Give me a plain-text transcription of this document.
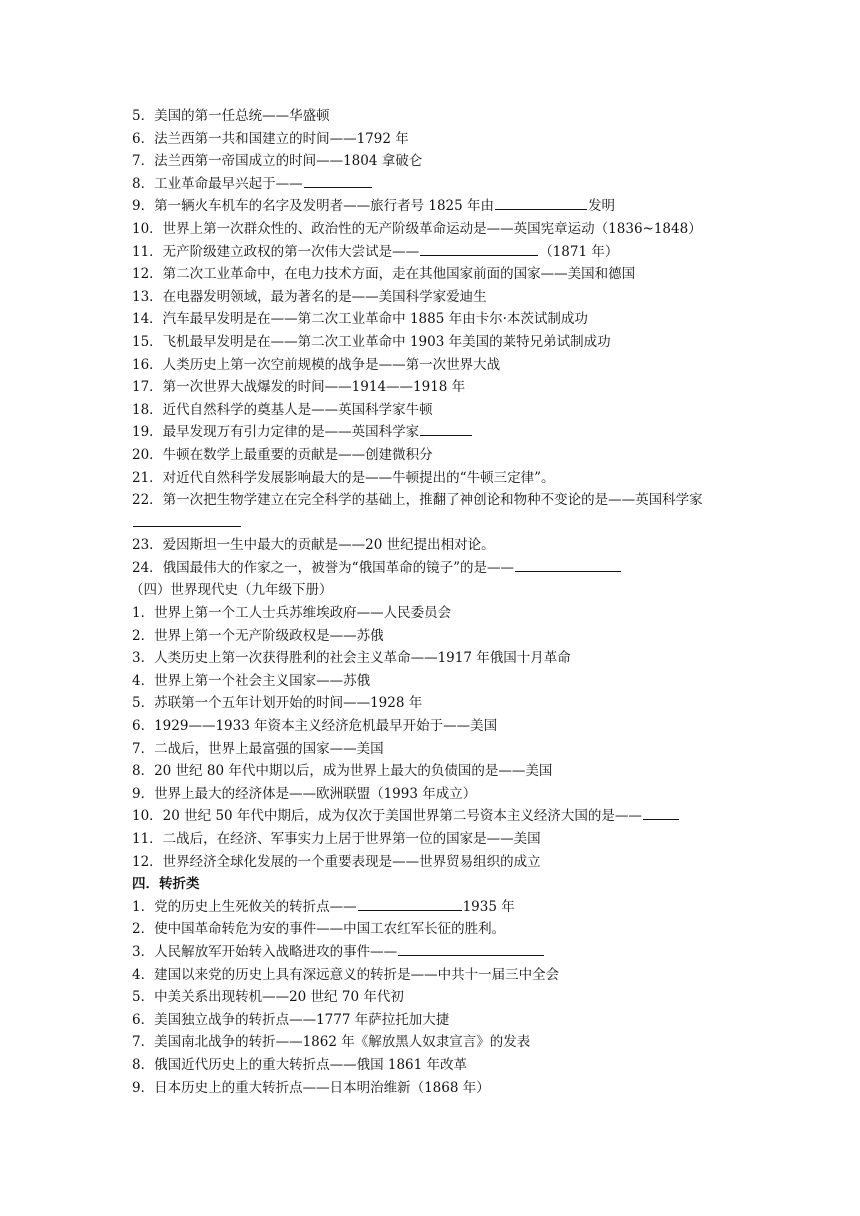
5．美国的第一任总统——华盛顿
6．法兰西第一共和国建立的时间——1792 年
7．法兰西第一帝国成立的时间——1804 拿破仑
8．工业革命最早兴起于——
9．第一辆火车机车的名字及发明者——旅行者号 1825 年由	发明
10．世界上第一次群众性的、政治性的无产阶级革命运动是——英国宪章运动（1836~1848）
11．无产阶级建立政权的第一次伟大尝试是——	（1871 年）
12．第二次工业革命中，在电力技术方面，走在其他国家前面的国家——美国和德国
13．在电器发明领域，最为著名的是——美国科学家爱迪生
14．汽车最早发明是在——第二次工业革命中 1885 年由卡尔·本茨试制成功
15．飞机最早发明是在——第二次工业革命中 1903 年美国的莱特兄弟试制成功
16．人类历史上第一次空前规模的战争是——第一次世界大战
17．第一次世界大战爆发的时间——1914——1918 年
18．近代自然科学的奠基人是——英国科学家牛顿
19．最早发现万有引力定律的是——英国科学家
20．牛顿在数学上最重要的贡献是——创建微积分
21．对近代自然科学发展影响最大的是——牛顿提出的“牛顿三定律”。
22．第一次把生物学建立在完全科学的基础上，推翻了神创论和物种不变论的是——英国科学家
23．爱因斯坦一生中最大的贡献是——20 世纪提出相对论。
24．俄国最伟大的作家之一，被誉为“俄国革命的镜子”的是——
（四）世界现代史（九年级下册）
1．世界上第一个工人士兵苏维埃政府——人民委员会
2．世界上第一个无产阶级政权是——苏俄
3．人类历史上第一次获得胜利的社会主义革命——1917 年俄国十月革命
4．世界上第一个社会主义国家——苏俄
5．苏联第一个五年计划开始的时间——1928 年
6．1929——1933 年资本主义经济危机最早开始于——美国
7．二战后，世界上最富强的国家——美国
8．20 世纪 80 年代中期以后，成为世界上最大的负债国的是——美国
9．世界上最大的经济体是——欧洲联盟（1993 年成立）
10．20 世纪 50 年代中期后，成为仅次于美国世界第二号资本主义经济大国的是——
11．二战后，在经济、军事实力上居于世界第一位的国家是——美国
12．世界经济全球化发展的一个重要表现是——世界贸易组织的成立
四．转折类
1．党的历史上生死攸关的转折点——	1935 年
2．使中国革命转危为安的事件——中国工农红军长征的胜利。
3．人民解放军开始转入战略进攻的事件——
4．建国以来党的历史上具有深远意义的转折是——中共十一届三中全会
5．中美关系出现转机——20 世纪 70 年代初
6．美国独立战争的转折点——1777 年萨拉托加大捷
7．美国南北战争的转折——1862 年《解放黑人奴隶宣言》的发表
8．俄国近代历史上的重大转折点——俄国 1861 年改革
9．日本历史上的重大转折点——日本明治维新（1868 年）
